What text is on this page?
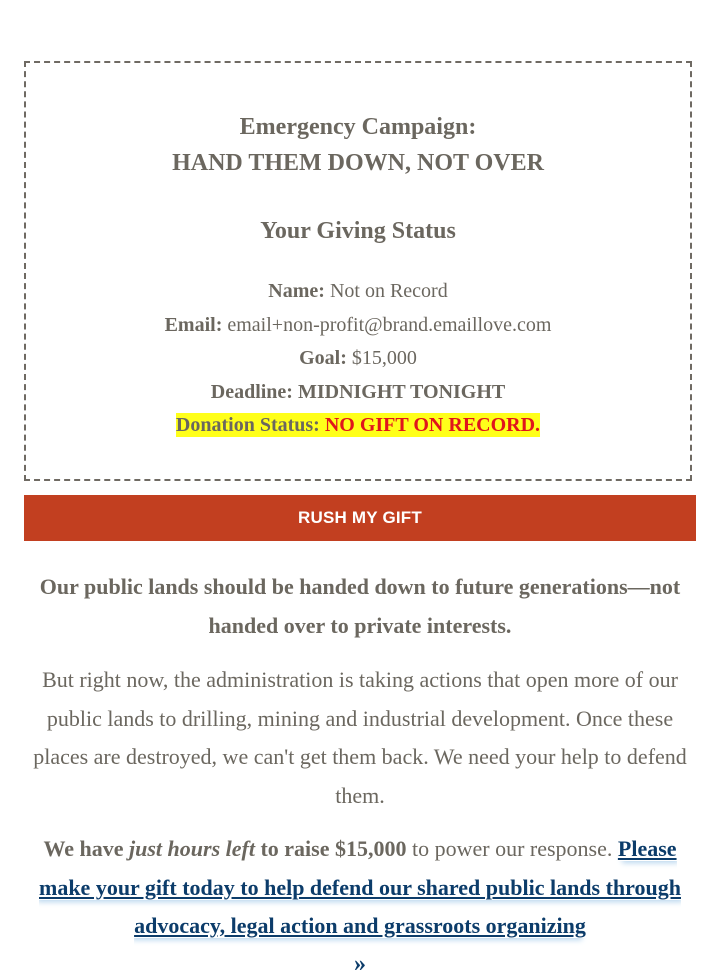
Emergency Campaign:
HAND THEM DOWN, NOT OVER
Your Giving Status
Name: Not on Record
Email: email+non-profit@brand.emaillove.com
Goal: $15,000
Deadline: MIDNIGHT TONIGHT
Donation Status: NO GIFT ON RECORD.
RUSH MY GIFT

Our public lands should be handed down to future generations—not handed over to private interests.

But right now, the administration is taking actions that open more of our public lands to drilling, mining and industrial development. Once these places are destroyed, we can't get them back. We need your help to defend them.

We have just hours left to raise $15,000 to power our response. Please make your gift today to help defend our shared public lands through advocacy, legal action and grassroots organizing
»
